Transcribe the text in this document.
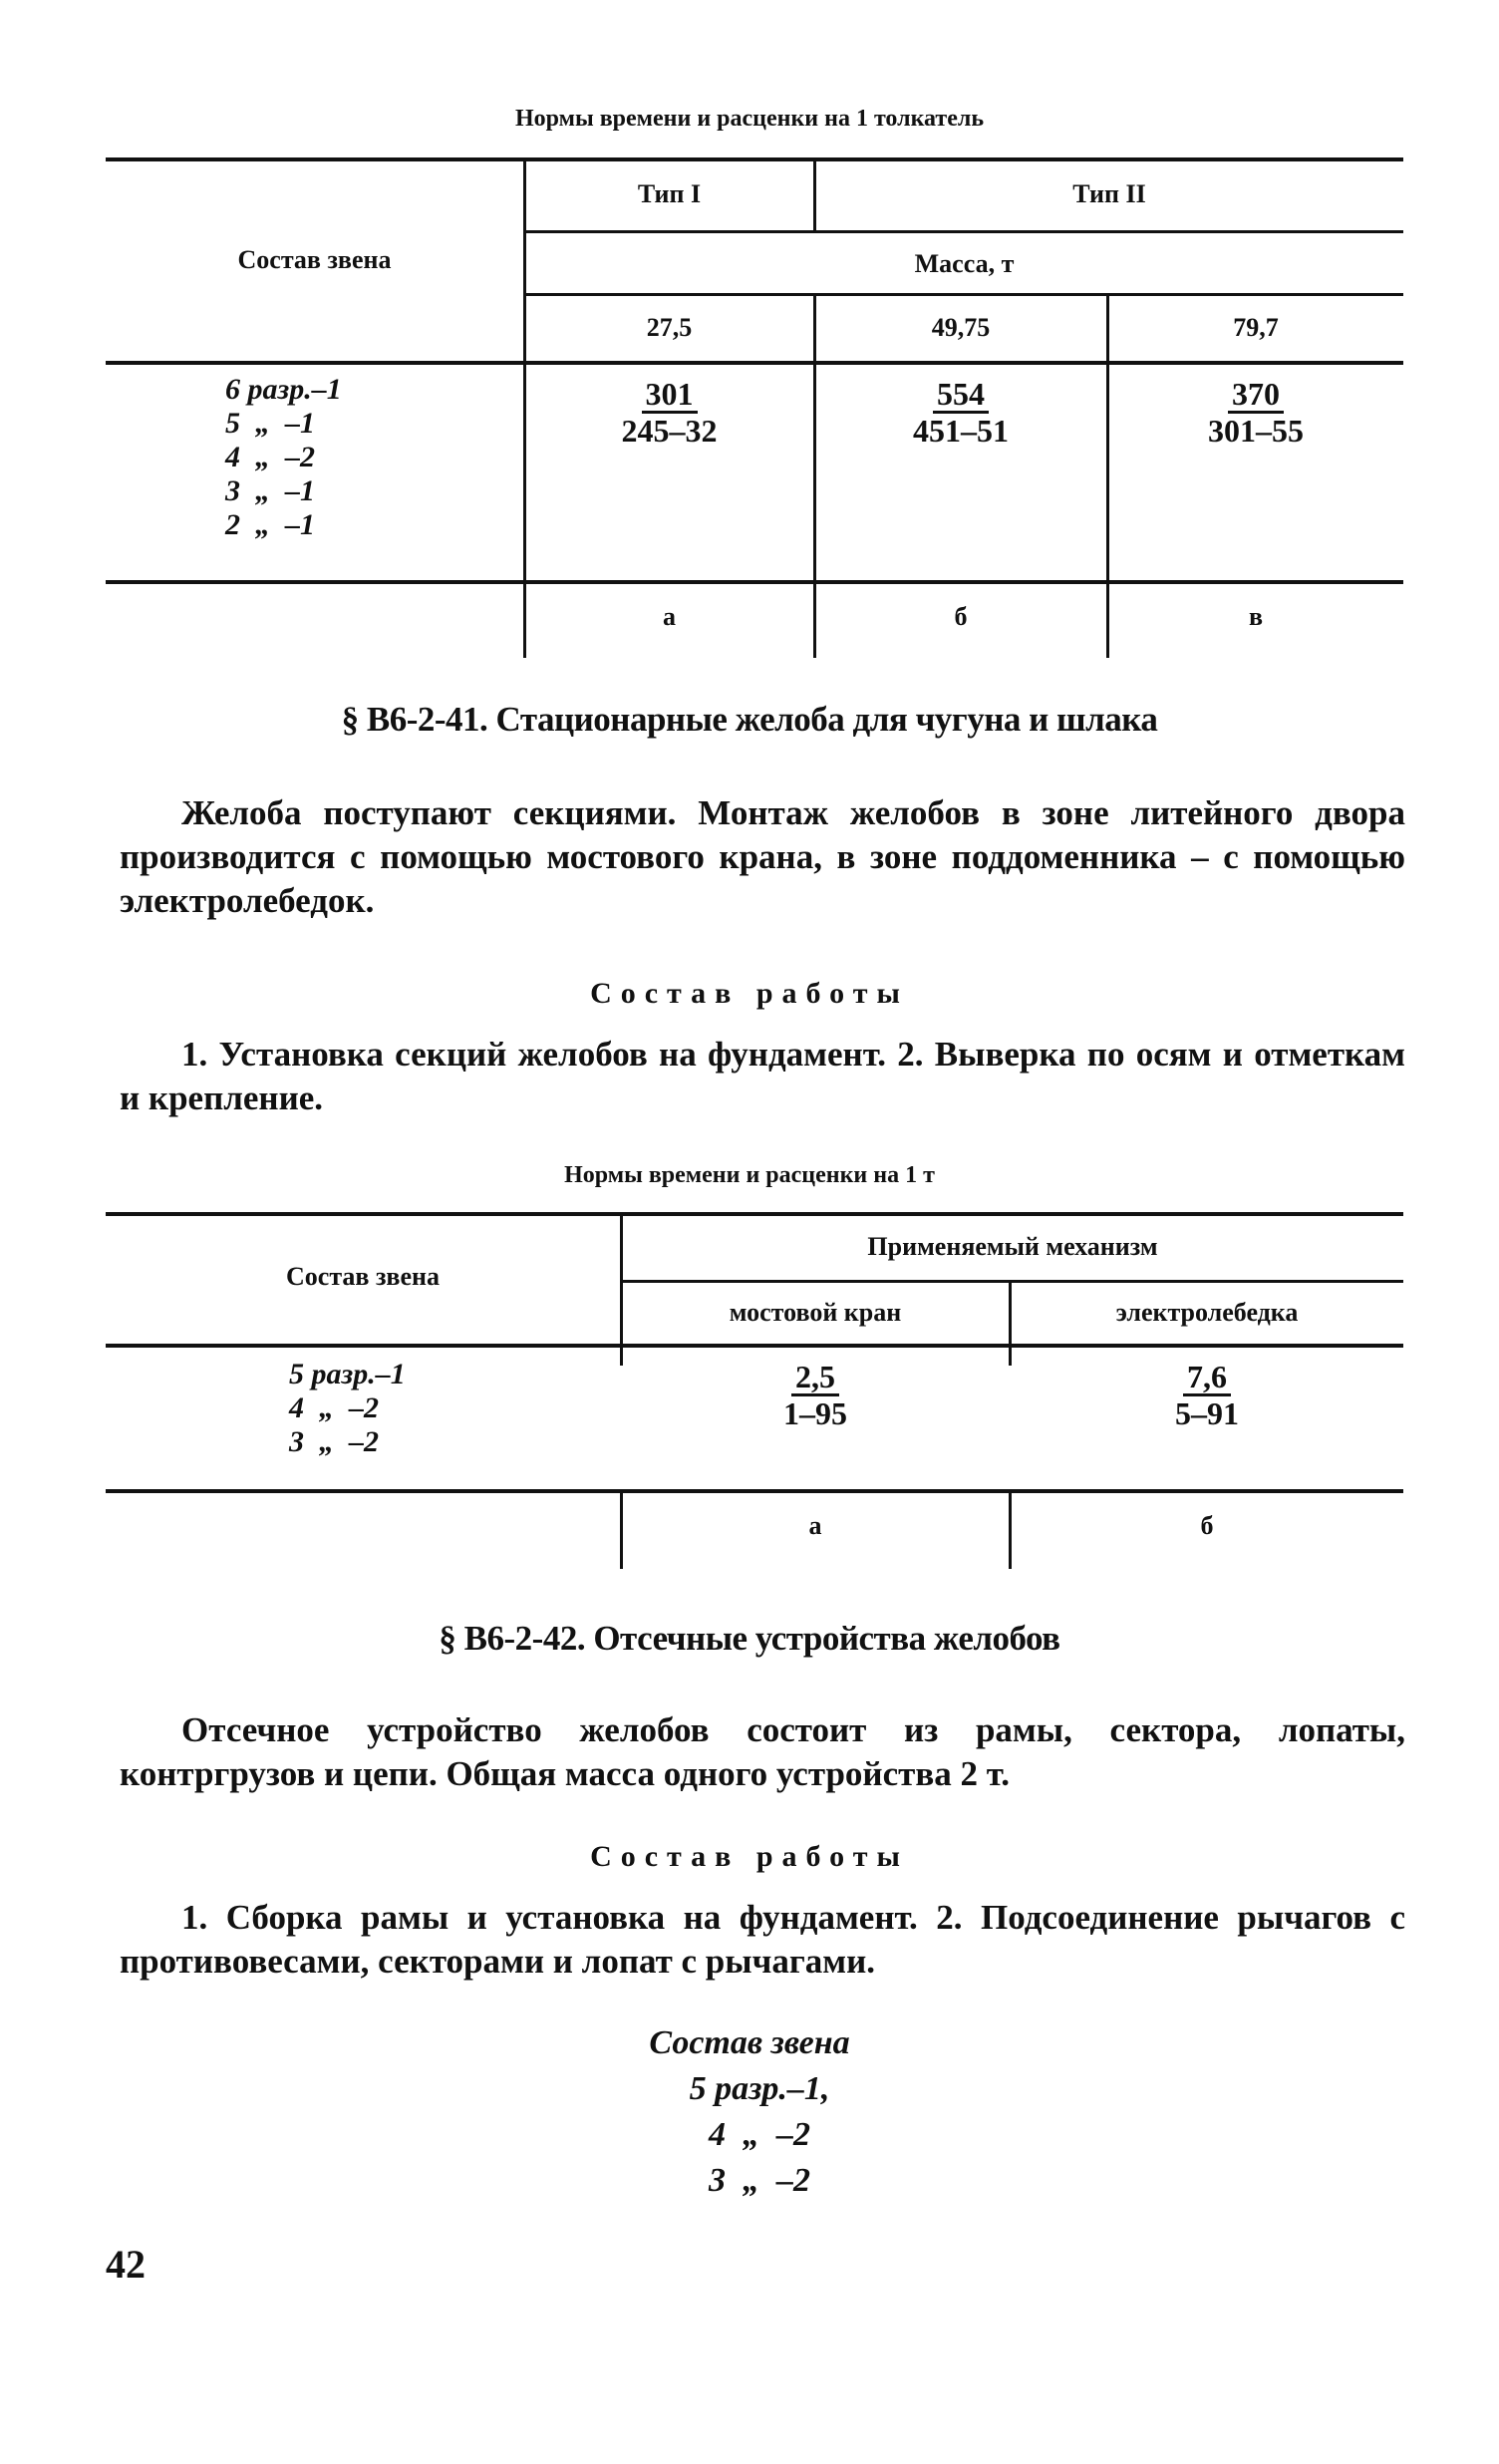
Нормы времени и расценки на 1 толкатель
Состав звена
Тип I	Тип II
Масса, т
27,5	49,75	79,7
6 разр.–1
5  „  –1
4  „  –2
3  „  –1
2  „  –1
$\frac{301}{245-32} \frac{554}{451-51} \frac{370}{301-55}$
а	б	в
§ В6-2-41. Стационарные желоба для чугуна и шлака
Желоба поступают секциями. Монтаж желобов в зоне литейного двора производится с помощью мостового крана, в зоне поддоменника – с помощью электролебедок.
Состав работы
1. Установка секций желобов на фундамент. 2. Выверка по осям и отметкам и крепление.
Нормы времени и расценки на 1 т
Состав звена
Применяемый механизм
мостовой кран	электролебедка
5 разр.–1
4  „  –2
3  „  –2
$\frac{2,5}{1-95} \frac{7,6}{5-91}$
а	б
§ В6-2-42. Отсечные устройства желобов
Отсечное устройство желобов состоит из рамы, сектора, лопаты, контргрузов и цепи. Общая масса одного устройства 2 т.
Состав работы
1. Сборка рамы и установка на фундамент. 2. Подсоединение рычагов с противовесами, секторами и лопат с рычагами.
Состав звена
5 разр.–1,
4  „  –2
3  „  –2
42
